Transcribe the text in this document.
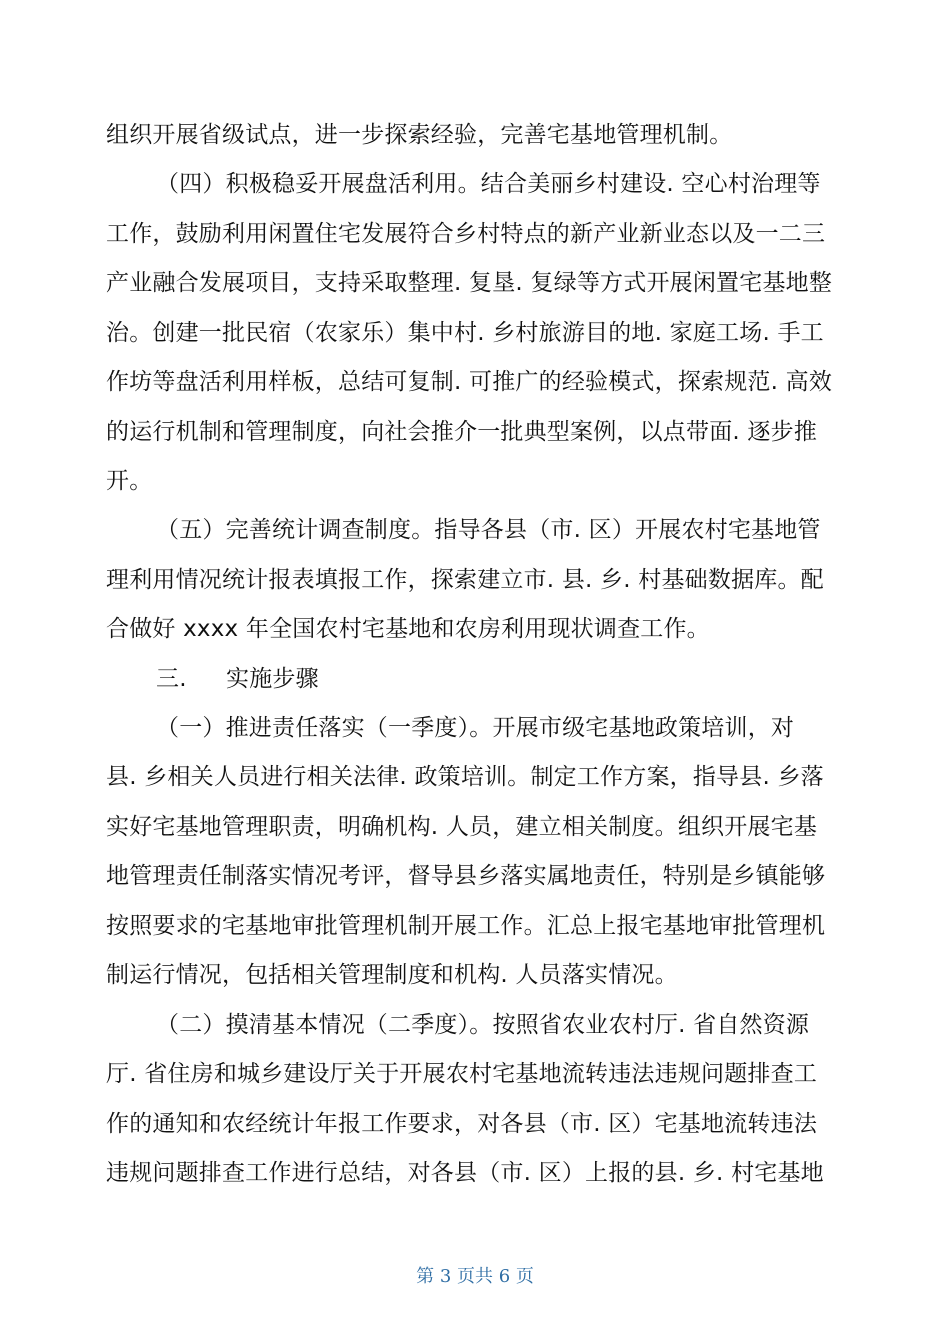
组织开展省级试点，进一步探索经验，完善宅基地管理机制。
（四）积极稳妥开展盘活利用。结合美丽乡村建设. 空心村治理等
工作，鼓励利用闲置住宅发展符合乡村特点的新产业新业态以及一二三
产业融合发展项目，支持采取整理. 复垦. 复绿等方式开展闲置宅基地整
治。创建一批民宿（农家乐）集中村. 乡村旅游目的地. 家庭工场. 手工
作坊等盘活利用样板，总结可复制. 可推广的经验模式，探索规范. 高效
的运行机制和管理制度，向社会推介一批典型案例，以点带面. 逐步推
开。
（五）完善统计调查制度。指导各县（市. 区）开展农村宅基地管
理利用情况统计报表填报工作，探索建立市. 县. 乡. 村基础数据库。配
合做好 xxxx 年全国农村宅基地和农房利用现状调查工作。
三. 实施步骤
（一）推进责任落实（一季度）。开展市级宅基地政策培训，对
县. 乡相关人员进行相关法律. 政策培训。制定工作方案，指导县. 乡落
实好宅基地管理职责，明确机构. 人员，建立相关制度。组织开展宅基
地管理责任制落实情况考评，督导县乡落实属地责任，特别是乡镇能够
按照要求的宅基地审批管理机制开展工作。汇总上报宅基地审批管理机
制运行情况，包括相关管理制度和机构. 人员落实情况。
（二）摸清基本情况（二季度）。按照省农业农村厅. 省自然资源
厅. 省住房和城乡建设厅关于开展农村宅基地流转违法违规问题排查工
作的通知和农经统计年报工作要求，对各县（市. 区）宅基地流转违法
违规问题排查工作进行总结，对各县（市. 区）上报的县. 乡. 村宅基地
第 3 页共 6 页
